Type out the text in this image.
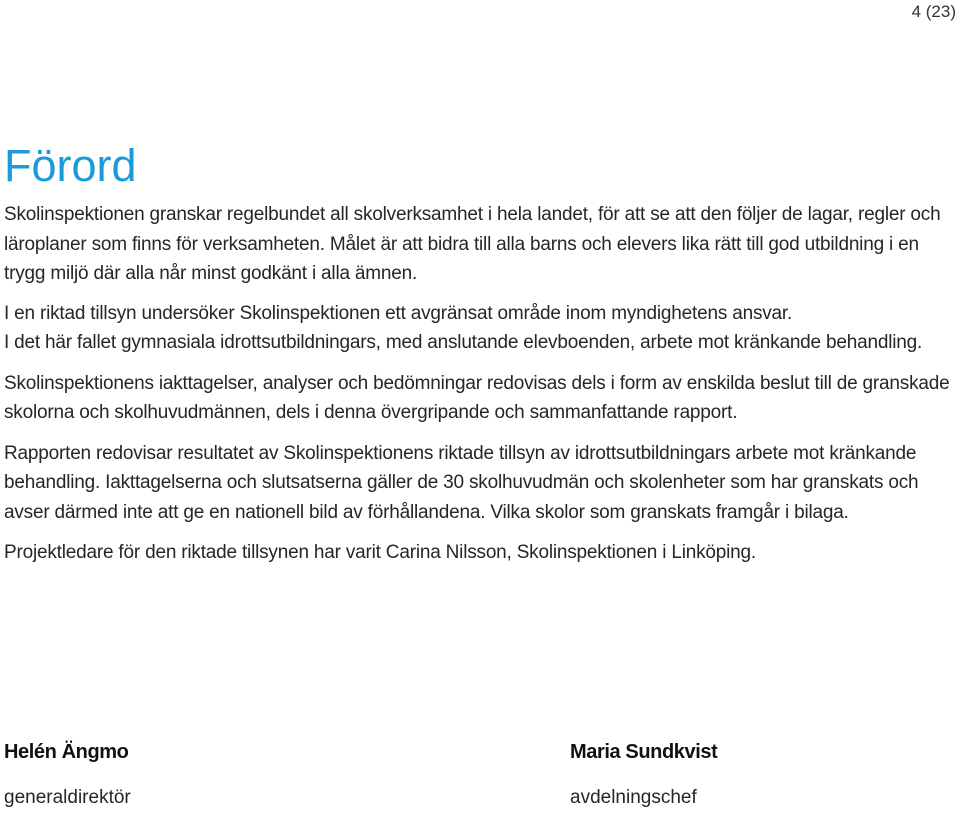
4 (23)
Förord

Skolinspektionen granskar regelbundet all skolverksamhet i hela landet, för att se att den följer de lagar, regler och läroplaner som finns för verksamheten. Målet är att bidra till alla barns och elevers lika rätt till god utbildning i en trygg miljö där alla når minst godkänt i alla ämnen.

I en riktad tillsyn undersöker Skolinspektionen ett avgränsat område inom myndighetens ansvar.

I det här fallet gymnasiala idrottsutbildningars, med anslutande elevboenden, arbete mot kränkande behandling.

Skolinspektionens iakttagelser, analyser och bedömningar redovisas dels i form av enskilda beslut till de granskade skolorna och skolhuvudmännen, dels i denna övergripande och sammanfattande rapport.

Rapporten redovisar resultatet av Skolinspektionens riktade tillsyn av idrottsutbildningars arbete mot kränkande behandling. Iakttagelserna och slutsatserna gäller de 30 skolhuvudmän och skolenheter som har granskats och avser därmed inte att ge en nationell bild av förhållandena. Vilka skolor som granskats framgår i bilaga.

Projektledare för den riktade tillsynen har varit Carina Nilsson, Skolinspektionen i Linköping.

Helén Ängmo
generaldirektör
Maria Sundkvist
avdelningschef
